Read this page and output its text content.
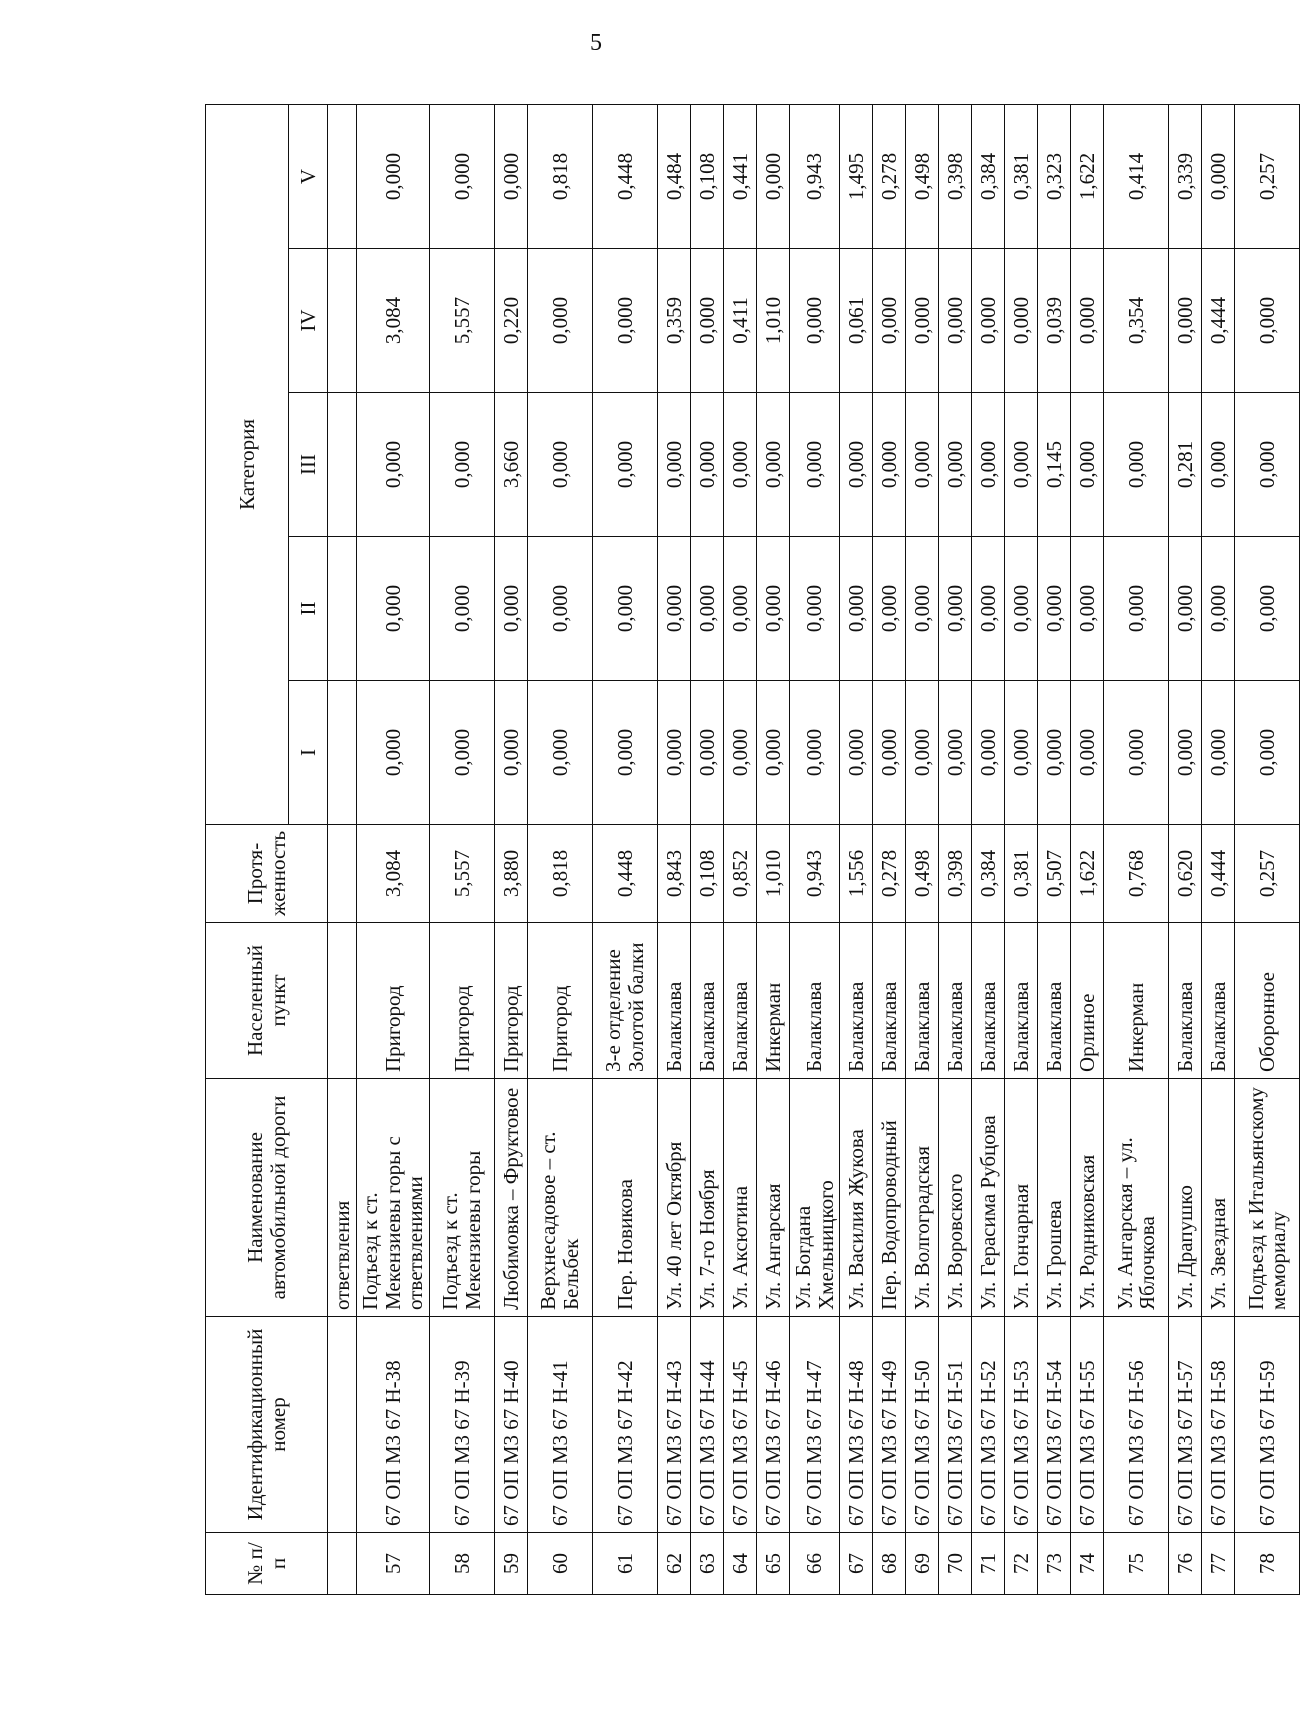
5
№ п/п	Идентификационный номер	Наименование автомобильной дороги	Населенный пункт	Протя-женность	Категория				
					I	II	III	IV	V
		ответвления							
57	67 ОП М3 67 Н-38	Подъезд к ст. Мекензиевы горы с ответвлениями	Пригород	3,084	0,000	0,000	0,000	3,084	0,000
58	67 ОП М3 67 Н-39	Подъезд к ст. Мекензиевы горы	Пригород	5,557	0,000	0,000	0,000	5,557	0,000
59	67 ОП М3 67 Н-40	Любимовка – Фруктовое	Пригород	3,880	0,000	0,000	3,660	0,220	0,000
60	67 ОП М3 67 Н-41	Верхнесадовое – ст. Бельбек	Пригород	0,818	0,000	0,000	0,000	0,000	0,818
61	67 ОП М3 67 Н-42	Пер. Новикова	3-е отделение Золотой балки	0,448	0,000	0,000	0,000	0,000	0,448
62	67 ОП М3 67 Н-43	Ул. 40 лет Октября	Балаклава	0,843	0,000	0,000	0,000	0,359	0,484
63	67 ОП М3 67 Н-44	Ул. 7-го Ноября	Балаклава	0,108	0,000	0,000	0,000	0,000	0,108
64	67 ОП М3 67 Н-45	Ул. Аксютина	Балаклава	0,852	0,000	0,000	0,000	0,411	0,441
65	67 ОП М3 67 Н-46	Ул. Ангарская	Инкерман	1,010	0,000	0,000	0,000	1,010	0,000
66	67 ОП М3 67 Н-47	Ул. Богдана Хмельницкого	Балаклава	0,943	0,000	0,000	0,000	0,000	0,943
67	67 ОП М3 67 Н-48	Ул. Василия Жукова	Балаклава	1,556	0,000	0,000	0,000	0,061	1,495
68	67 ОП М3 67 Н-49	Пер. Водопроводный	Балаклава	0,278	0,000	0,000	0,000	0,000	0,278
69	67 ОП М3 67 Н-50	Ул. Волгоградская	Балаклава	0,498	0,000	0,000	0,000	0,000	0,498
70	67 ОП М3 67 Н-51	Ул. Воровского	Балаклава	0,398	0,000	0,000	0,000	0,000	0,398
71	67 ОП М3 67 Н-52	Ул. Герасима Рубцова	Балаклава	0,384	0,000	0,000	0,000	0,000	0,384
72	67 ОП М3 67 Н-53	Ул. Гончарная	Балаклава	0,381	0,000	0,000	0,000	0,000	0,381
73	67 ОП М3 67 Н-54	Ул. Грошева	Балаклава	0,507	0,000	0,000	0,145	0,039	0,323
74	67 ОП М3 67 Н-55	Ул. Родниковская	Орлиное	1,622	0,000	0,000	0,000	0,000	1,622
75	67 ОП М3 67 Н-56	Ул. Ангарская – ул. Яблочкова	Инкерман	0,768	0,000	0,000	0,000	0,354	0,414
76	67 ОП М3 67 Н-57	Ул. Драпушко	Балаклава	0,620	0,000	0,000	0,281	0,000	0,339
77	67 ОП М3 67 Н-58	Ул. Звездная	Балаклава	0,444	0,000	0,000	0,000	0,444	0,000
78	67 ОП М3 67 Н-59	Подъезд к Итальянскому мемориалу	Оборонное	0,257	0,000	0,000	0,000	0,000	0,257
